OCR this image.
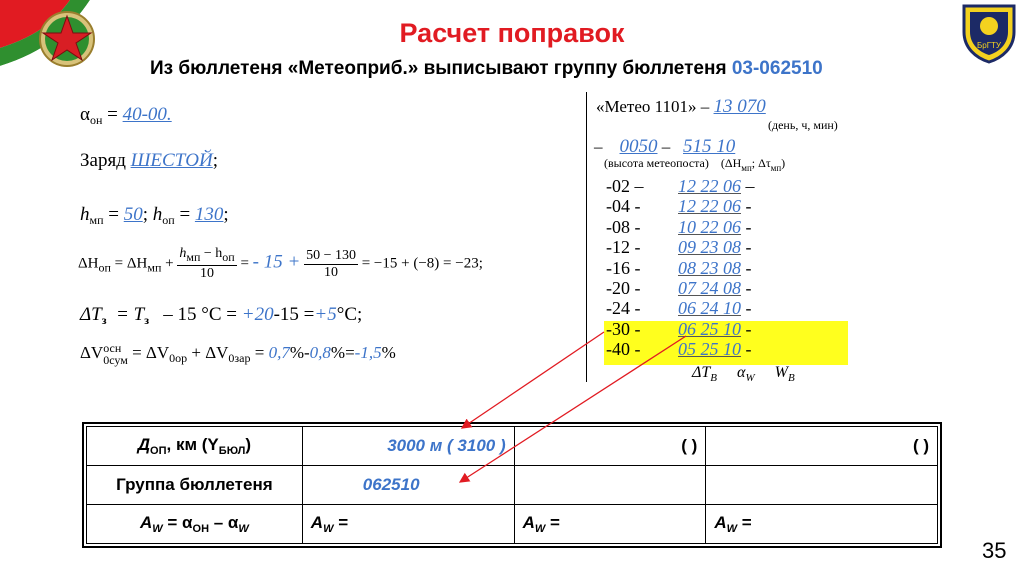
БрГТУ
Расчет поправок
Из бюллетеня «Метеоприб.» выписывают группу бюллетеня 03-062510
$\alpha_{он} = 40-00$.
Заряд ШЕСТОЙ;
$h_{мп} = 50$; $h_{оп} = 130$;
$\Delta H_{оп} = \Delta H_{мп} + \frac{\text{hмп − hоп}}{10}$ = - $15 + \frac{50 - 130}{10} = -15 + (-8) = -23$;
$\Delta T_з = T_з - 15$ °C = +20-15 =+5°C;
ΔV осн
$0сум = \Delta V_{0ор} + \Delta V_{0зар} = 0,7\%-0,8\%=-1,5\%$
«Метео 1101» – 13 070
(день, ч, мин)
– 0050 – 515 10
(высота метеопоста) ($\Delta H_{мп}$; $\Delta\tau_{мп}$)
-02 – 12 22 06 –
-04 - 12 22 06 -
-08 - 10 22 06 -
-12 - 09 23 08 -
-16 - 08 23 08 -
-20 - 07 24 08 -
-24 - 06 24 10 -
-30 - 06 25 10 -
-40 - 05 25 10 -
$\Delta T_B$ $\alpha_W$ $W_B$
$Д_{ОП}$, км $(Y_{БЮЛ})$	3000 м ( 3100 )	( )	( )
Группа бюллетеня	062510		
$A_W = \alpha_{ОН} - \alpha_W$	$A_W$ =	$A_W$ =	$A_W$ =
35
